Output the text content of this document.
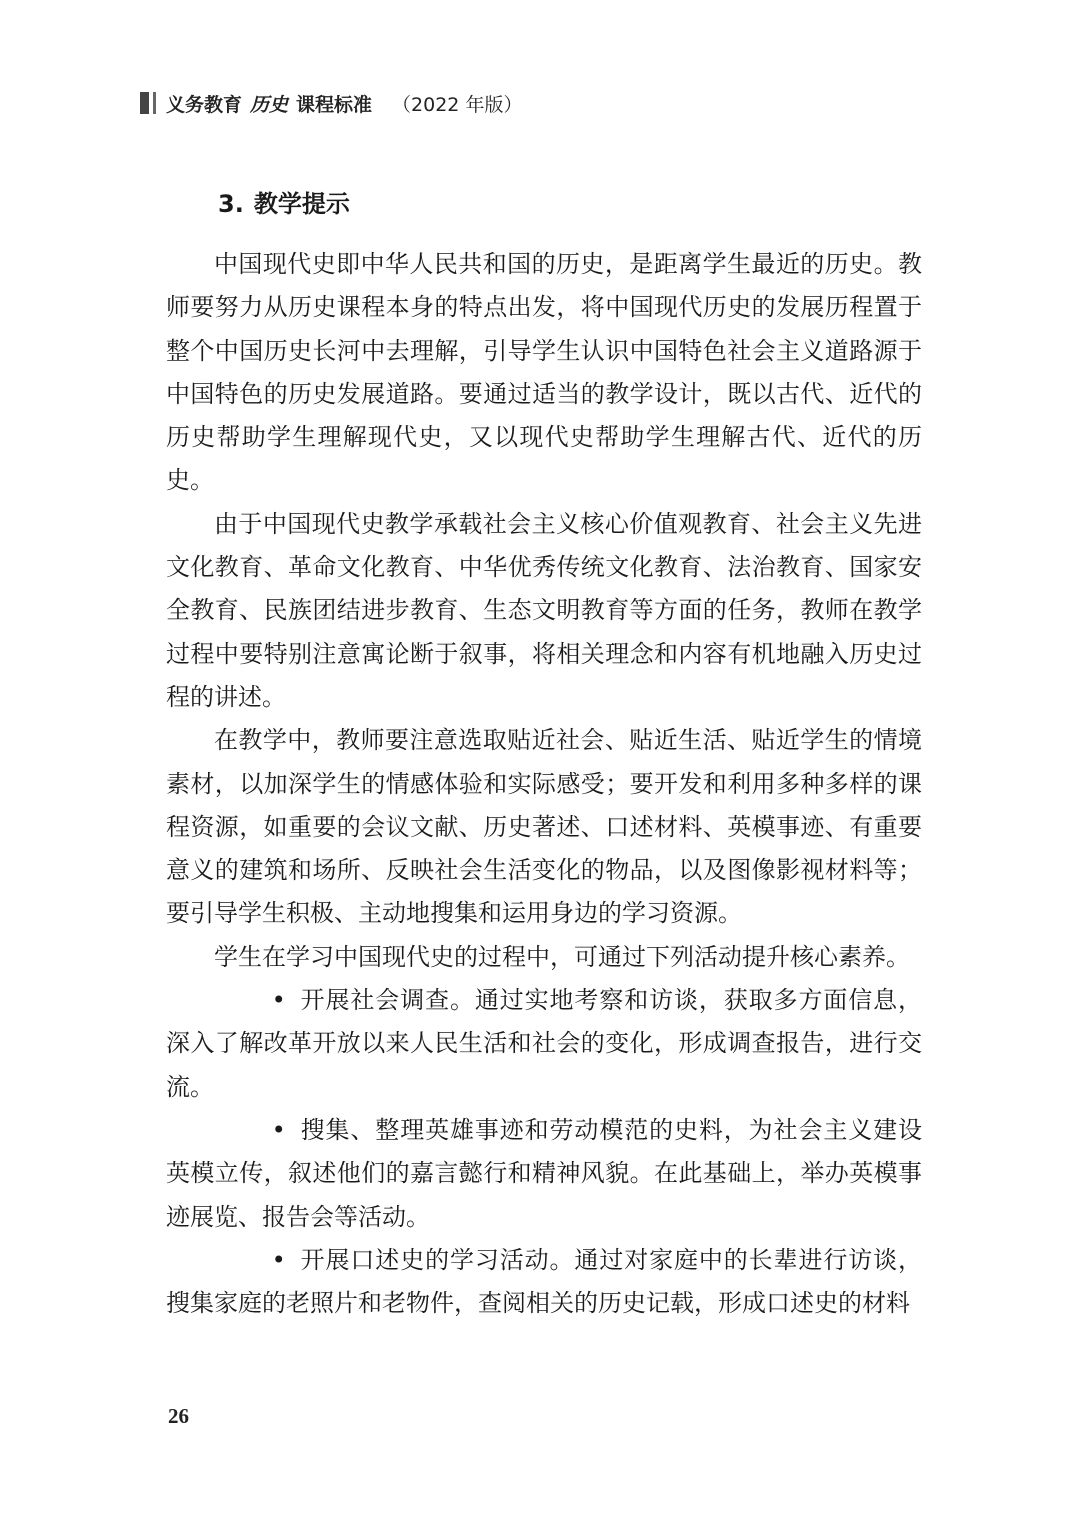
义务教育 历史 课程标准 （2022 年版）
3. 教学提示

中国现代史即中华人民共和国的历史，是距离学生最近的历史。教师要努力从历史课程本身的特点出发，将中国现代历史的发展历程置于整个中国历史长河中去理解，引导学生认识中国特色社会主义道路源于中国特色的历史发展道路。要通过适当的教学设计，既以古代、近代的历史帮助学生理解现代史，又以现代史帮助学生理解古代、近代的历史。

由于中国现代史教学承载社会主义核心价值观教育、社会主义先进文化教育、革命文化教育、中华优秀传统文化教育、法治教育、国家安全教育、民族团结进步教育、生态文明教育等方面的任务，教师在教学过程中要特别注意寓论断于叙事，将相关理念和内容有机地融入历史过程的讲述。

在教学中，教师要注意选取贴近社会、贴近生活、贴近学生的情境素材，以加深学生的情感体验和实际感受；要开发和利用多种多样的课程资源，如重要的会议文献、历史著述、口述材料、英模事迹、有重要意义的建筑和场所、反映社会生活变化的物品，以及图像影视材料等；要引导学生积极、主动地搜集和运用身边的学习资源。

学生在学习中国现代史的过程中，可通过下列活动提升核心素养。

• 开展社会调查。通过实地考察和访谈，获取多方面信息，深入了解改革开放以来人民生活和社会的变化，形成调查报告，进行交流。

• 搜集、整理英雄事迹和劳动模范的史料，为社会主义建设英模立传，叙述他们的嘉言懿行和精神风貌。在此基础上，举办英模事迹展览、报告会等活动。

• 开展口述史的学习活动。通过对家庭中的长辈进行访谈，搜集家庭的老照片和老物件，查阅相关的历史记载，形成口述史的材料

26
